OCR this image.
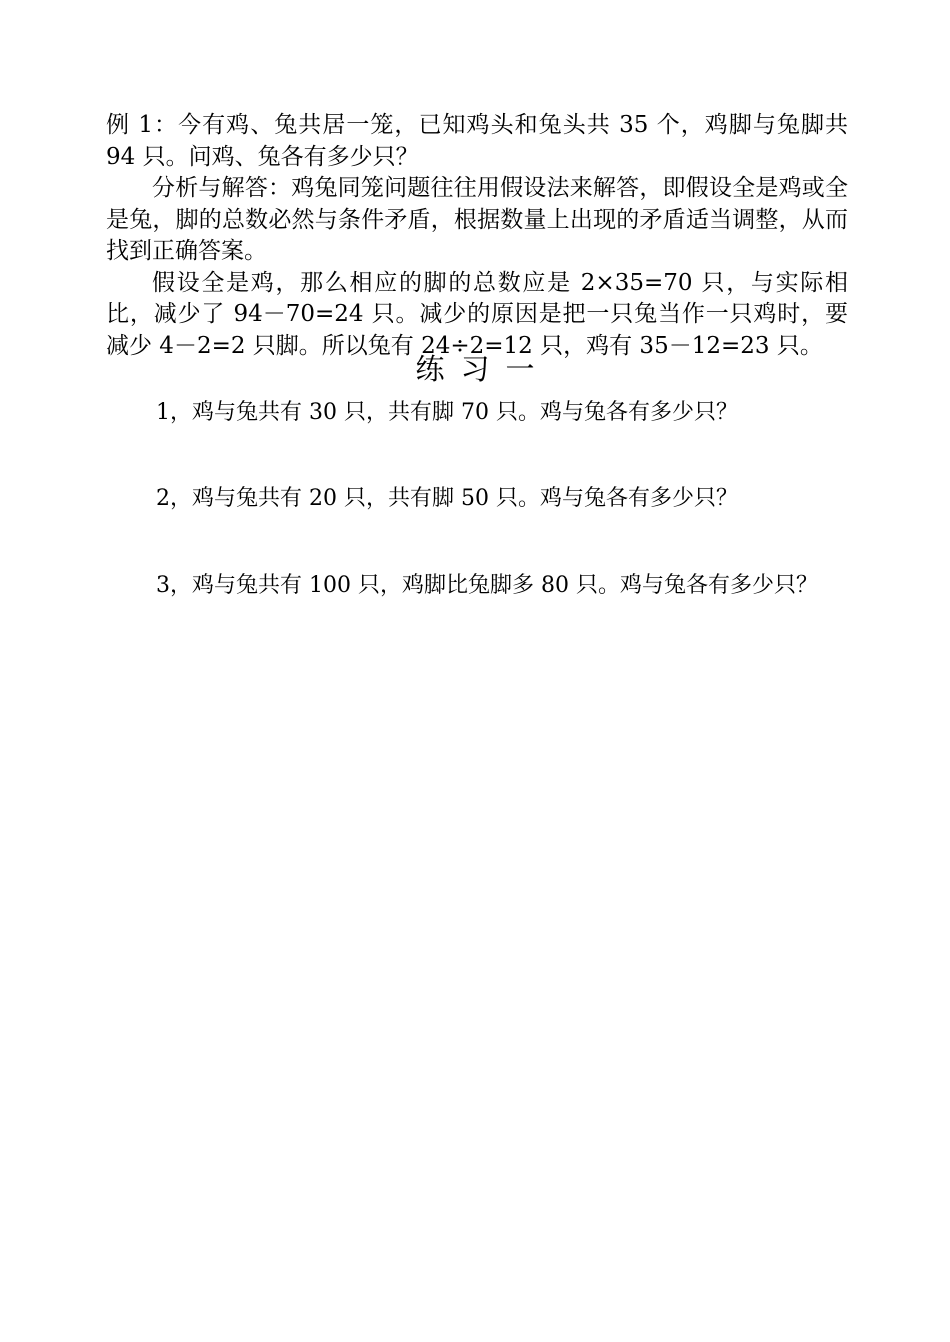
例 1：今有鸡、兔共居一笼，已知鸡头和兔头共 35 个，鸡脚与兔脚共 94 只。问鸡、兔各有多少只？

分析与解答：鸡兔同笼问题往往用假设法来解答，即假设全是鸡或全是兔，脚的总数必然与条件矛盾，根据数量上出现的矛盾适当调整，从而找到正确答案。

假设全是鸡，那么相应的脚的总数应是 2×35=70 只，与实际相比，减少了 94－70=24 只。减少的原因是把一只兔当作一只鸡时，要减少 4－2=2 只脚。所以兔有 24÷2=12 只，鸡有 35－12=23 只。

练习一
1，鸡与兔共有 30 只，共有脚 70 只。鸡与兔各有多少只？
2，鸡与兔共有 20 只，共有脚 50 只。鸡与兔各有多少只？
3，鸡与兔共有 100 只，鸡脚比兔脚多 80 只。鸡与兔各有多少只？
